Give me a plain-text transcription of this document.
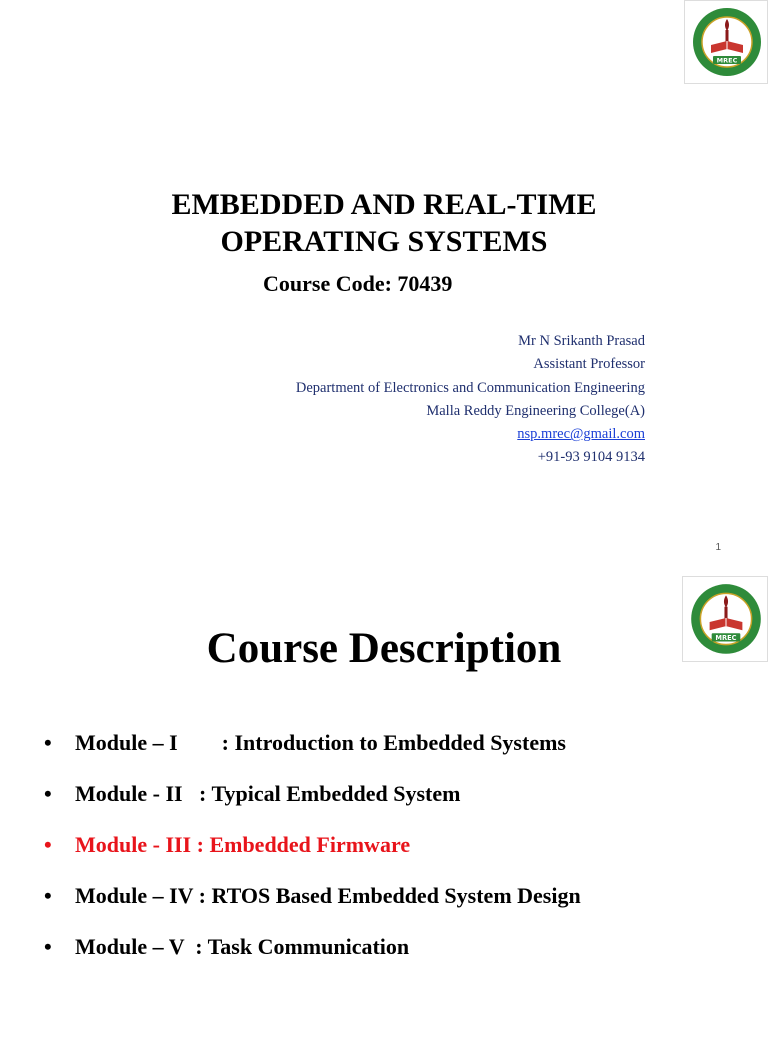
MREC
EMBEDDED AND REAL-TIME
OPERATING SYSTEMS
Course Code: 70439
Mr N Srikanth Prasad
Assistant Professor
Department of Electronics and Communication Engineering
Malla Reddy Engineering College(A)
nsp.mrec@gmail.com
+91-93 9104 9134
1
MREC
Course Description

•

Module – I        : Introduction to Embedded Systems

•

Module - II   : Typical Embedded System

•

Module - III : Embedded Firmware

•

Module – IV : RTOS Based Embedded System Design

•

Module – V  : Task Communication
